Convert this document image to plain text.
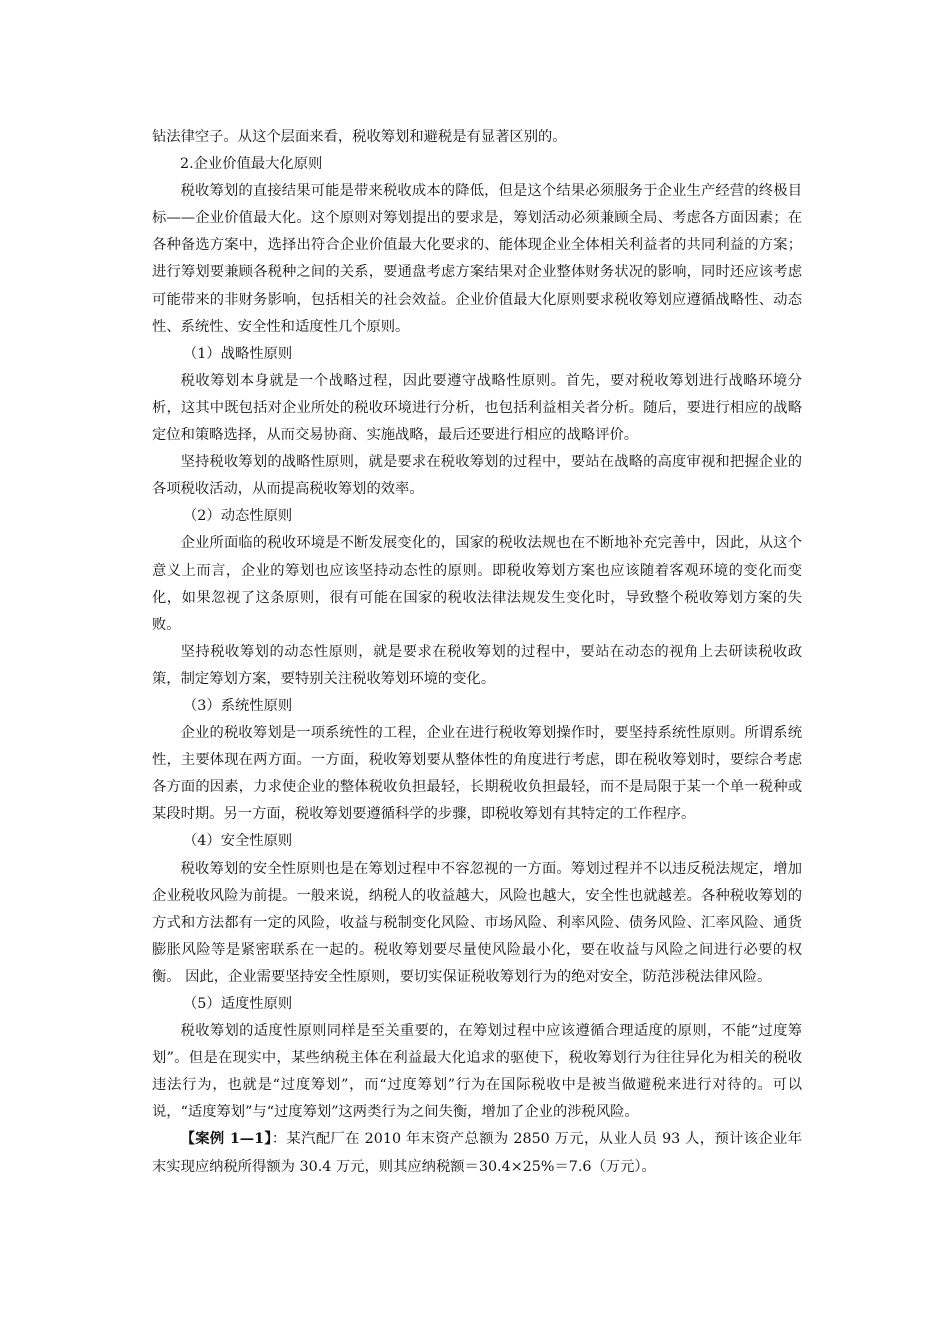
钻法律空子。从这个层面来看，税收筹划和避税是有显著区别的。

2.企业价值最大化原则

税收筹划的直接结果可能是带来税收成本的降低，但是这个结果必须服务于企业生产经营的终极目标——企业价值最大化。这个原则对筹划提出的要求是，筹划活动必须兼顾全局、考虑各方面因素；在各种备选方案中，选择出符合企业价值最大化要求的、能体现企业全体相关利益者的共同利益的方案；进行筹划要兼顾各税种之间的关系，要通盘考虑方案结果对企业整体财务状况的影响，同时还应该考虑可能带来的非财务影响，包括相关的社会效益。企业价值最大化原则要求税收筹划应遵循战略性、动态性、系统性、安全性和适度性几个原则。

（1）战略性原则

税收筹划本身就是一个战略过程，因此要遵守战略性原则。首先，要对税收筹划进行战略环境分析，这其中既包括对企业所处的税收环境进行分析，也包括利益相关者分析。随后，要进行相应的战略定位和策略选择，从而交易协商、实施战略，最后还要进行相应的战略评价。

坚持税收筹划的战略性原则，就是要求在税收筹划的过程中，要站在战略的高度审视和把握企业的各项税收活动，从而提高税收筹划的效率。

（2）动态性原则

企业所面临的税收环境是不断发展变化的，国家的税收法规也在不断地补充完善中，因此，从这个意义上而言，企业的筹划也应该坚持动态性的原则。即税收筹划方案也应该随着客观环境的变化而变化，如果忽视了这条原则，很有可能在国家的税收法律法规发生变化时，导致整个税收筹划方案的失败。

坚持税收筹划的动态性原则，就是要求在税收筹划的过程中，要站在动态的视角上去研读税收政策，制定筹划方案，要特别关注税收筹划环境的变化。

（3）系统性原则

企业的税收筹划是一项系统性的工程，企业在进行税收筹划操作时，要坚持系统性原则。所谓系统性，主要体现在两方面。一方面，税收筹划要从整体性的角度进行考虑，即在税收筹划时，要综合考虑各方面的因素，力求使企业的整体税收负担最轻，长期税收负担最轻，而不是局限于某一个单一税种或某段时期。另一方面，税收筹划要遵循科学的步骤，即税收筹划有其特定的工作程序。

（4）安全性原则

税收筹划的安全性原则也是在筹划过程中不容忽视的一方面。筹划过程并不以违反税法规定，增加企业税收风险为前提。一般来说，纳税人的收益越大，风险也越大，安全性也就越差。各种税收筹划的方式和方法都有一定的风险，收益与税制变化风险、市场风险、利率风险、债务风险、汇率风险、通货膨胀风险等是紧密联系在一起的。税收筹划要尽量使风险最小化，要在收益与风险之间进行必要的权衡。 因此，企业需要坚持安全性原则，要切实保证税收筹划行为的绝对安全，防范涉税法律风险。

（5）适度性原则

税收筹划的适度性原则同样是至关重要的，在筹划过程中应该遵循合理适度的原则，不能“过度筹划”。但是在现实中，某些纳税主体在利益最大化追求的驱使下，税收筹划行为往往异化为相关的税收违法行为，也就是“过度筹划”，而“过度筹划”行为在国际税收中是被当做避税来进行对待的。可以说，“适度筹划”与“过度筹划”这两类行为之间失衡，增加了企业的涉税风险。

【案例 1—1】：某汽配厂在 2010 年末资产总额为 2850 万元，从业人员 93 人，预计该企业年末实现应纳税所得额为 30.4 万元，则其应纳税额＝30.4×25%＝7.6（万元）。
